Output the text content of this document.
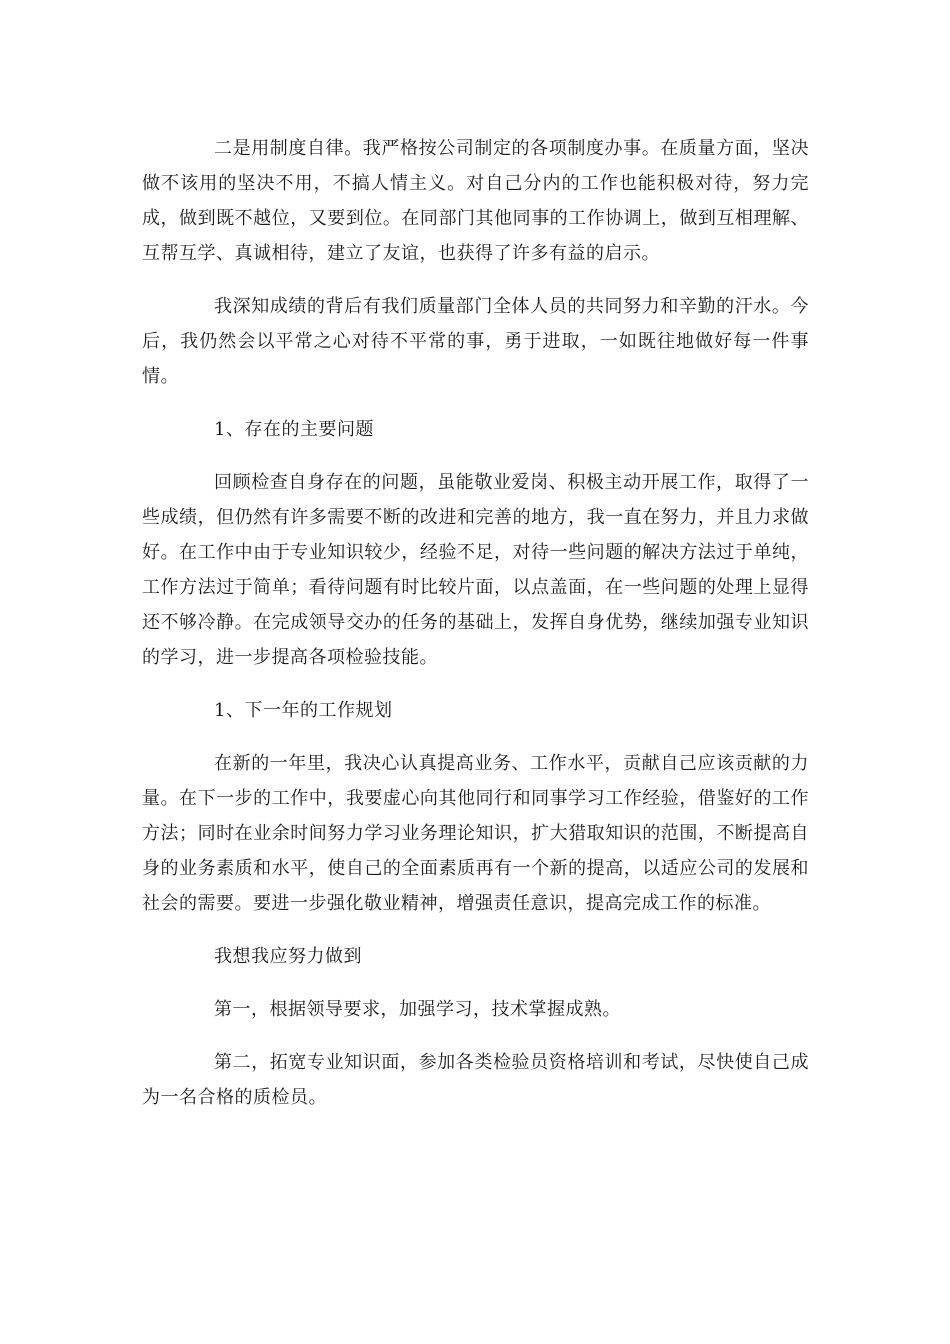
二是用制度自律。我严格按公司制定的各项制度办事。在质量方面，坚决做不该用的坚决不用，不搞人情主义。对自己分内的工作也能积极对待，努力完成，做到既不越位，又要到位。在同部门其他同事的工作协调上，做到互相理解、互帮互学、真诚相待，建立了友谊，也获得了许多有益的启示。

我深知成绩的背后有我们质量部门全体人员的共同努力和辛勤的汗水。今后，我仍然会以平常之心对待不平常的事，勇于进取，一如既往地做好每一件事情。

1、存在的主要问题

回顾检查自身存在的问题，虽能敬业爱岗、积极主动开展工作，取得了一些成绩，但仍然有许多需要不断的改进和完善的地方，我一直在努力，并且力求做好。在工作中由于专业知识较少，经验不足，对待一些问题的解决方法过于单纯，工作方法过于简单；看待问题有时比较片面，以点盖面，在一些问题的处理上显得还不够冷静。在完成领导交办的任务的基础上，发挥自身优势，继续加强专业知识的学习，进一步提高各项检验技能。

1、下一年的工作规划

在新的一年里，我决心认真提高业务、工作水平，贡献自己应该贡献的力量。在下一步的工作中，我要虚心向其他同行和同事学习工作经验，借鉴好的工作方法；同时在业余时间努力学习业务理论知识，扩大猎取知识的范围，不断提高自身的业务素质和水平，使自己的全面素质再有一个新的提高，以适应公司的发展和社会的需要。要进一步强化敬业精神，增强责任意识，提高完成工作的标准。

我想我应努力做到

第一，根据领导要求，加强学习，技术掌握成熟。

第二，拓宽专业知识面，参加各类检验员资格培训和考试，尽快使自己成为一名合格的质检员。
